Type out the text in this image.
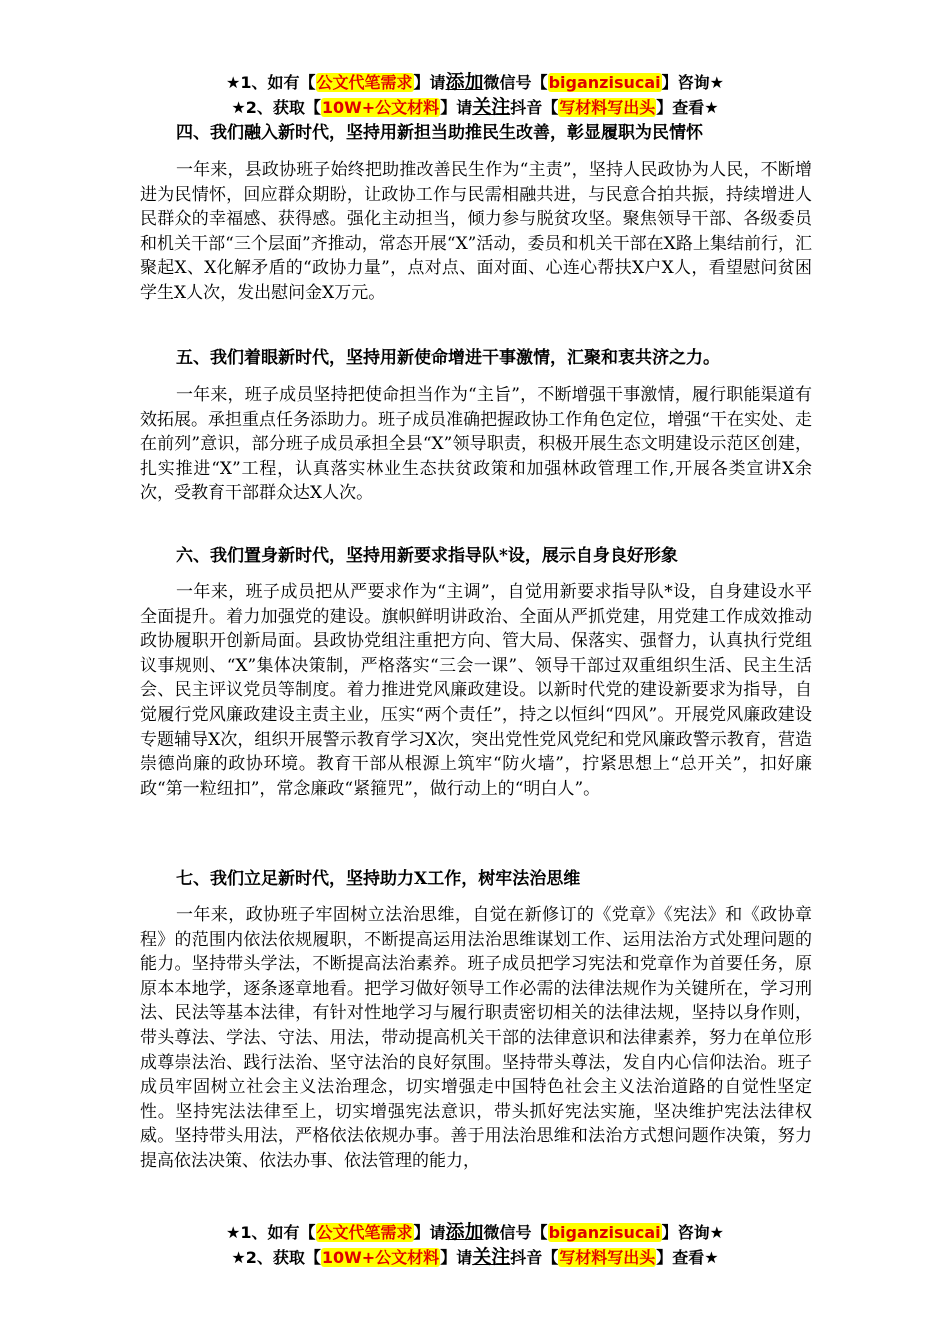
★1、如有【公文代笔需求】请添加微信号【biganzisucai】咨询★
★2、获取【10W+公文材料】请关注抖音【写材料写出头】查看★
四、我们融入新时代，坚持用新担当助推民生改善，彰显履职为民情怀

一年来，县政协班子始终把助推改善民生作为“主责”，坚持人民政协为人民，不断增进为民情怀，回应群众期盼，让政协工作与民需相融共进，与民意合拍共振，持续增进人民群众的幸福感、获得感。强化主动担当，倾力参与脱贫攻坚。聚焦领导干部、各级委员和机关干部“三个层面”齐推动，常态开展“X”活动，委员和机关干部在X路上集结前行，汇聚起X、X化解矛盾的“政协力量”，点对点、面对面、心连心帮扶X户X人，看望慰问贫困学生X人次，发出慰问金X万元。

五、我们着眼新时代，坚持用新使命增进干事激情，汇聚和衷共济之力。

一年来，班子成员坚持把使命担当作为“主旨”，不断增强干事激情，履行职能渠道有效拓展。承担重点任务添助力。班子成员准确把握政协工作角色定位，增强“干在实处、走在前列”意识，部分班子成员承担全县“X”领导职责，积极开展生态文明建设示范区创建，扎实推进“X”工程，认真落实林业生态扶贫政策和加强林政管理工作,开展各类宣讲X余次，受教育干部群众达X人次。

六、我们置身新时代，坚持用新要求指导队*设，展示自身良好形象

一年来，班子成员把从严要求作为“主调”，自觉用新要求指导队*设，自身建设水平全面提升。着力加强党的建设。旗帜鲜明讲政治、全面从严抓党建，用党建工作成效推动政协履职开创新局面。县政协党组注重把方向、管大局、保落实、强督力，认真执行党组议事规则、“X”集体决策制，严格落实“三会一课”、领导干部过双重组织生活、民主生活会、民主评议党员等制度。着力推进党风廉政建设。以新时代党的建设新要求为指导，自觉履行党风廉政建设主责主业，压实“两个责任”，持之以恒纠“四风”。开展党风廉政建设专题辅导X次，组织开展警示教育学习X次，突出党性党风党纪和党风廉政警示教育，营造崇德尚廉的政协环境。教育干部从根源上筑牢“防火墙”，拧紧思想上“总开关”，扣好廉政“第一粒纽扣”，常念廉政“紧箍咒”，做行动上的“明白人”。

七、我们立足新时代，坚持助力X工作，树牢法治思维

一年来，政协班子牢固树立法治思维，自觉在新修订的《党章》《宪法》和《政协章程》的范围内依法依规履职，不断提高运用法治思维谋划工作、运用法治方式处理问题的能力。坚持带头学法，不断提高法治素养。班子成员把学习宪法和党章作为首要任务，原原本本地学，逐条逐章地看。把学习做好领导工作必需的法律法规作为关键所在，学习刑法、民法等基本法律，有针对性地学习与履行职责密切相关的法律法规，坚持以身作则，带头尊法、学法、守法、用法，带动提高机关干部的法律意识和法律素养，努力在单位形成尊崇法治、践行法治、坚守法治的良好氛围。坚持带头尊法，发自内心信仰法治。班子成员牢固树立社会主义法治理念，切实增强走中国特色社会主义法治道路的自觉性坚定性。坚持宪法法律至上，切实增强宪法意识，带头抓好宪法实施，坚决维护宪法法律权威。坚持带头用法，严格依法依规办事。善于用法治思维和法治方式想问题作决策，努力提高依法决策、依法办事、依法管理的能力，

★1、如有【公文代笔需求】请添加微信号【biganzisucai】咨询★
★2、获取【10W+公文材料】请关注抖音【写材料写出头】查看★
